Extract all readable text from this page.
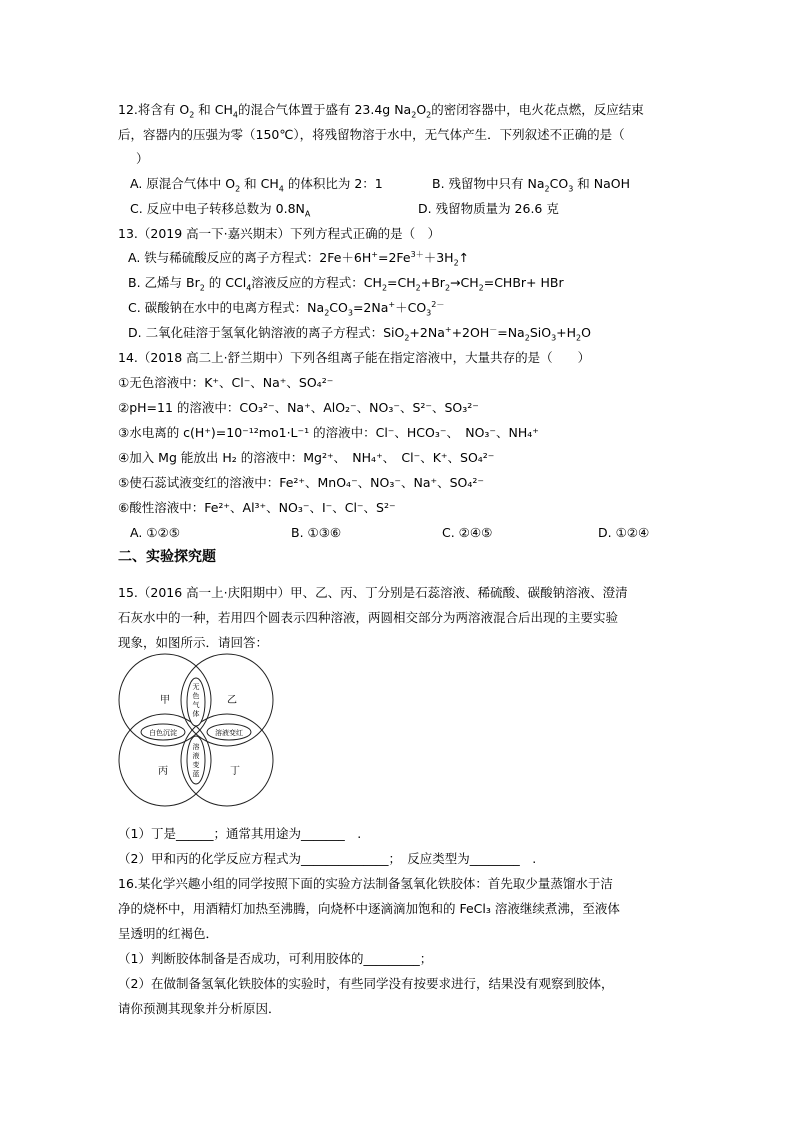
12.将含有 $O_2$ 和 $CH_4$的混合气体置于盛有 23.4g $Na_2O_2$的密闭容器中，电火花点燃，反应结束
后，容器内的压强为零（150℃），将残留物溶于水中，无气体产生．下列叙述不正确的是（
）
A. 原混合气体中 $O_2$ 和 $CH_4$ 的体积比为 2：1	B. 残留物中只有 $Na_2CO_3$ 和 NaOH
C. 反应中电子转移总数为 $0.8N_A$	D. 残留物质量为 26.6 克
13.（2019 高一下·嘉兴期末）下列方程式正确的是（　）
A. 铁与稀硫酸反应的离子方程式：$2Fe+6H^+=2Fe^{3+}+3H_2↑$
B. 乙烯与 $Br_2$ 的 CCl$_4$溶液反应的方程式：$CH_2=CH_2+Br_2\to CH_2=CHBr+$ HBr
C. 碳酸钠在水中的电离方程式：$Na_2CO_3=2Na^++CO_3^{2-}$
D. 二氧化硅溶于氢氧化钠溶液的离子方程式：$SiO_2+2Na^++2OH^-=Na_2SiO_3+H_2O$
14.（2018 高二上·舒兰期中）下列各组离子能在指定溶液中，大量共存的是（　　）
①无色溶液中：K⁺、Cl⁻、Na⁺、SO₄²⁻
②pH=11 的溶液中：CO₃²⁻、Na⁺、AlO₂⁻、NO₃⁻、S²⁻、SO₃²⁻
③水电离的 c(H⁺)=10⁻¹²mo1·L⁻¹ 的溶液中：Cl⁻、HCO₃⁻、　NO₃⁻、NH₄⁺
④加入 Mg 能放出 H₂ 的溶液中：Mg²⁺、　NH₄⁺、　Cl⁻、K⁺、SO₄²⁻
⑤使石蕊试液变红的溶液中：Fe²⁺、MnO₄⁻、NO₃⁻、Na⁺、SO₄²⁻
⑥酸性溶液中：Fe²⁺、Al³⁺、NO₃⁻、I⁻、Cl⁻、S²⁻
A. ①②⑤	B. ①③⑥	C. ②④⑤	D. ①②④
二、实验探究题
15.（2016 高一上·庆阳期中）甲、乙、丙、丁分别是石蕊溶液、稀硫酸、碳酸钠溶液、澄清
石灰水中的一种，若用四个圆表示四种溶液，两圆相交部分为两溶液混合后出现的主要实验
现象，如图所示．请回答：
甲	乙
丙	丁
无
色
气
体
白色沉淀	溶液变红
溶
液
变
蓝
（1）丁是______；通常其用途为_______　.
（2）甲和丙的化学反应方程式为______________；　反应类型为________　.
16.某化学兴趣小组的同学按照下面的实验方法制备氢氧化铁胶体：首先取少量蒸馏水于洁
净的烧杯中，用酒精灯加热至沸腾，向烧杯中逐滴滴加饱和的 FeCl₃ 溶液继续煮沸，至液体
呈透明的红褐色．
（1）判断胶体制备是否成功，可利用胶体的_________；
（2）在做制备氢氧化铁胶体的实验时，有些同学没有按要求进行，结果没有观察到胶体，
请你预测其现象并分析原因．
